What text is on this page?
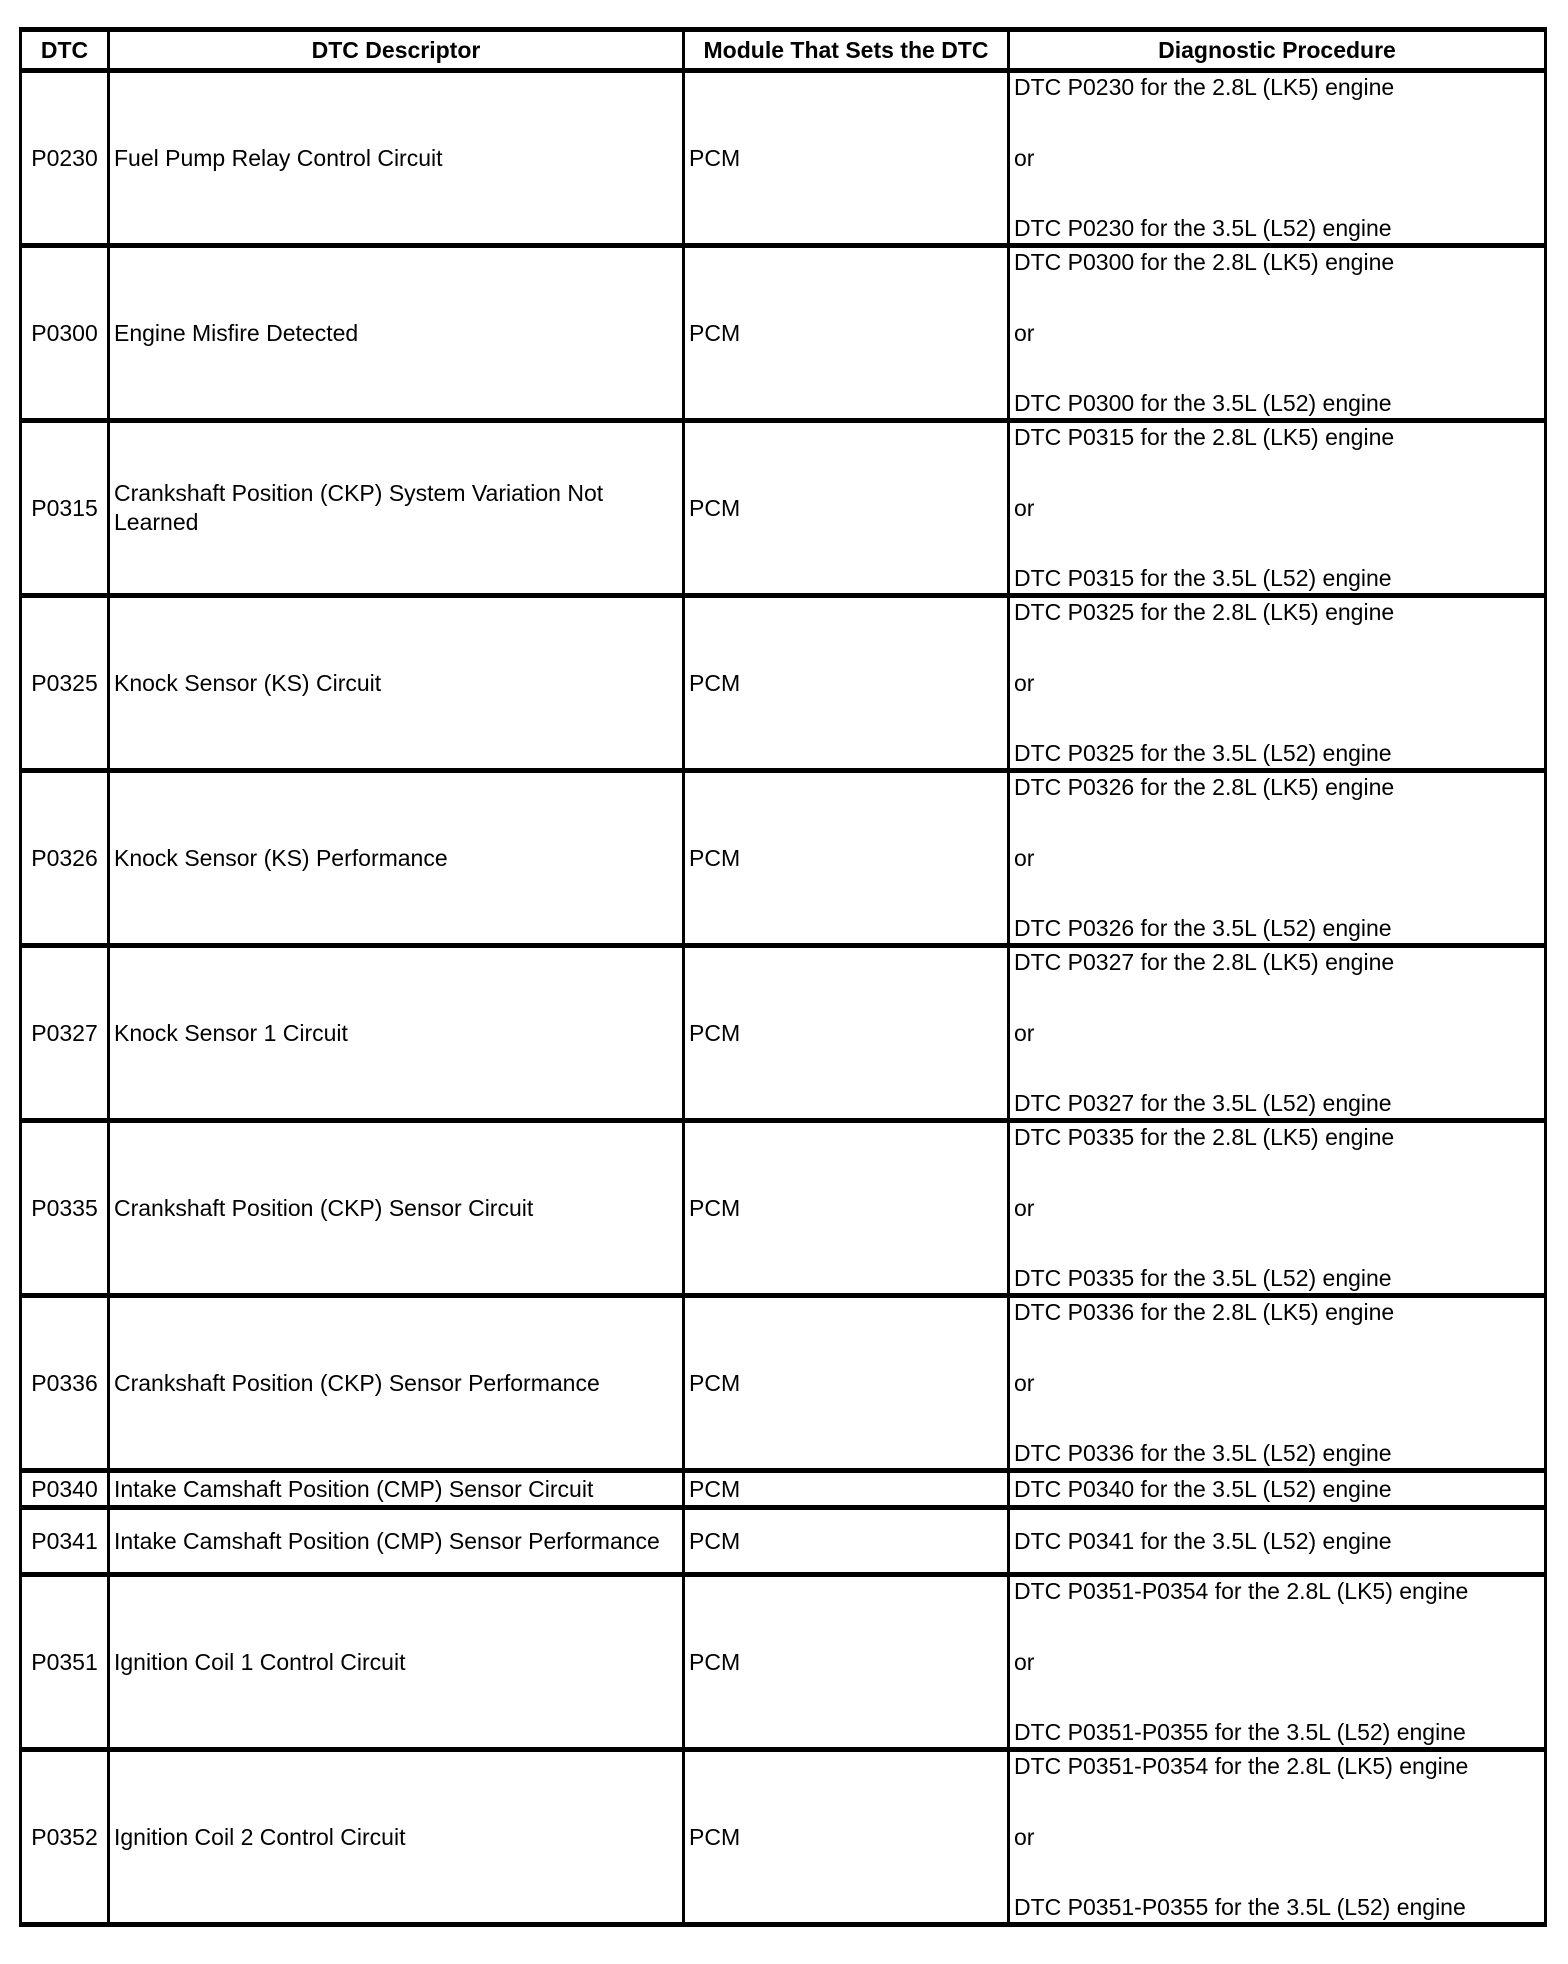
DTC	DTC Descriptor	Module That Sets the DTC	Diagnostic Procedure
P0230	Fuel Pump Relay Control Circuit	PCM	DTC P0230 for the 2.8L (LK5) engine
or
DTC P0230 for the 3.5L (L52) engine

P0300	Engine Misfire Detected	PCM	DTC P0300 for the 2.8L (LK5) engine
or
DTC P0300 for the 3.5L (L52) engine

P0315	Crankshaft Position (CKP) System Variation Not Learned	PCM	DTC P0315 for the 2.8L (LK5) engine
or
DTC P0315 for the 3.5L (L52) engine

P0325	Knock Sensor (KS) Circuit	PCM	DTC P0325 for the 2.8L (LK5) engine
or
DTC P0325 for the 3.5L (L52) engine

P0326	Knock Sensor (KS) Performance	PCM	DTC P0326 for the 2.8L (LK5) engine
or
DTC P0326 for the 3.5L (L52) engine

P0327	Knock Sensor 1 Circuit	PCM	DTC P0327 for the 2.8L (LK5) engine
or
DTC P0327 for the 3.5L (L52) engine

P0335	Crankshaft Position (CKP) Sensor Circuit	PCM	DTC P0335 for the 2.8L (LK5) engine
or
DTC P0335 for the 3.5L (L52) engine

P0336	Crankshaft Position (CKP) Sensor Performance	PCM	DTC P0336 for the 2.8L (LK5) engine
or
DTC P0336 for the 3.5L (L52) engine

P0340	Intake Camshaft Position (CMP) Sensor Circuit	PCM	DTC P0340 for the 3.5L (L52) engine

P0341	Intake Camshaft Position (CMP) Sensor Performance	PCM	DTC P0341 for the 3.5L (L52) engine

P0351	Ignition Coil 1 Control Circuit	PCM	DTC P0351-P0354 for the 2.8L (LK5) engine
or
DTC P0351-P0355 for the 3.5L (L52) engine

P0352	Ignition Coil 2 Control Circuit	PCM	DTC P0351-P0354 for the 2.8L (LK5) engine
or
DTC P0351-P0355 for the 3.5L (L52) engine
